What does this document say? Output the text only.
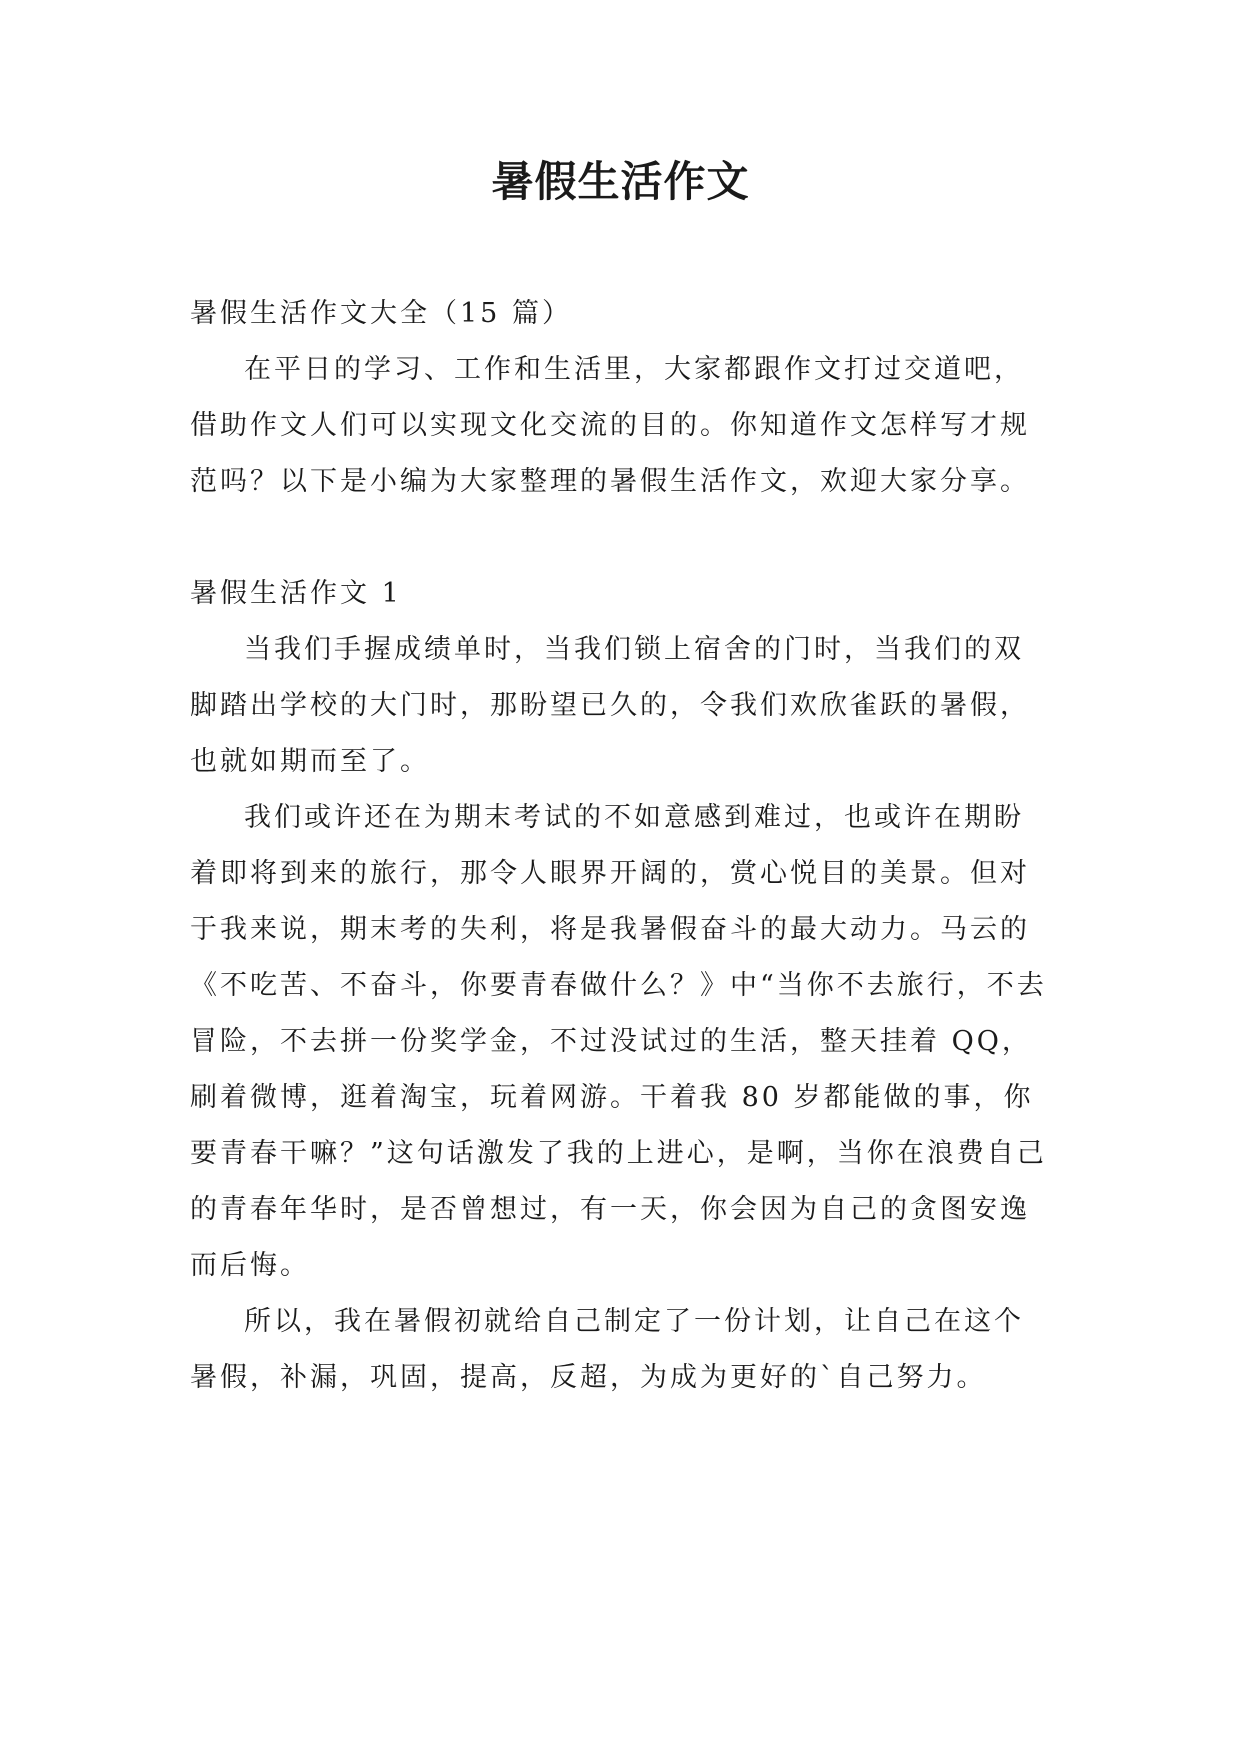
暑假生活作文

暑假生活作文大全（15 篇）

在平日的学习、工作和生活里，大家都跟作文打过交道吧，借助作文人们可以实现文化交流的目的。你知道作文怎样写才规范吗？以下是小编为大家整理的暑假生活作文，欢迎大家分享。

暑假生活作文 1

当我们手握成绩单时，当我们锁上宿舍的门时，当我们的双脚踏出学校的大门时，那盼望已久的，令我们欢欣雀跃的暑假，也就如期而至了。

我们或许还在为期末考试的不如意感到难过，也或许在期盼着即将到来的旅行，那令人眼界开阔的，赏心悦目的美景。但对于我来说，期末考的失利，将是我暑假奋斗的最大动力。马云的《不吃苦、不奋斗，你要青春做什么？》中“当你不去旅行，不去冒险，不去拼一份奖学金，不过没试过的生活，整天挂着 QQ，刷着微博，逛着淘宝，玩着网游。干着我 80 岁都能做的事，你要青春干嘛？”这句话激发了我的上进心，是啊，当你在浪费自己的青春年华时，是否曾想过，有一天，你会因为自己的贪图安逸而后悔。

所以，我在暑假初就给自己制定了一份计划，让自己在这个暑假，补漏，巩固，提高，反超，为成为更好的`自己努力。
